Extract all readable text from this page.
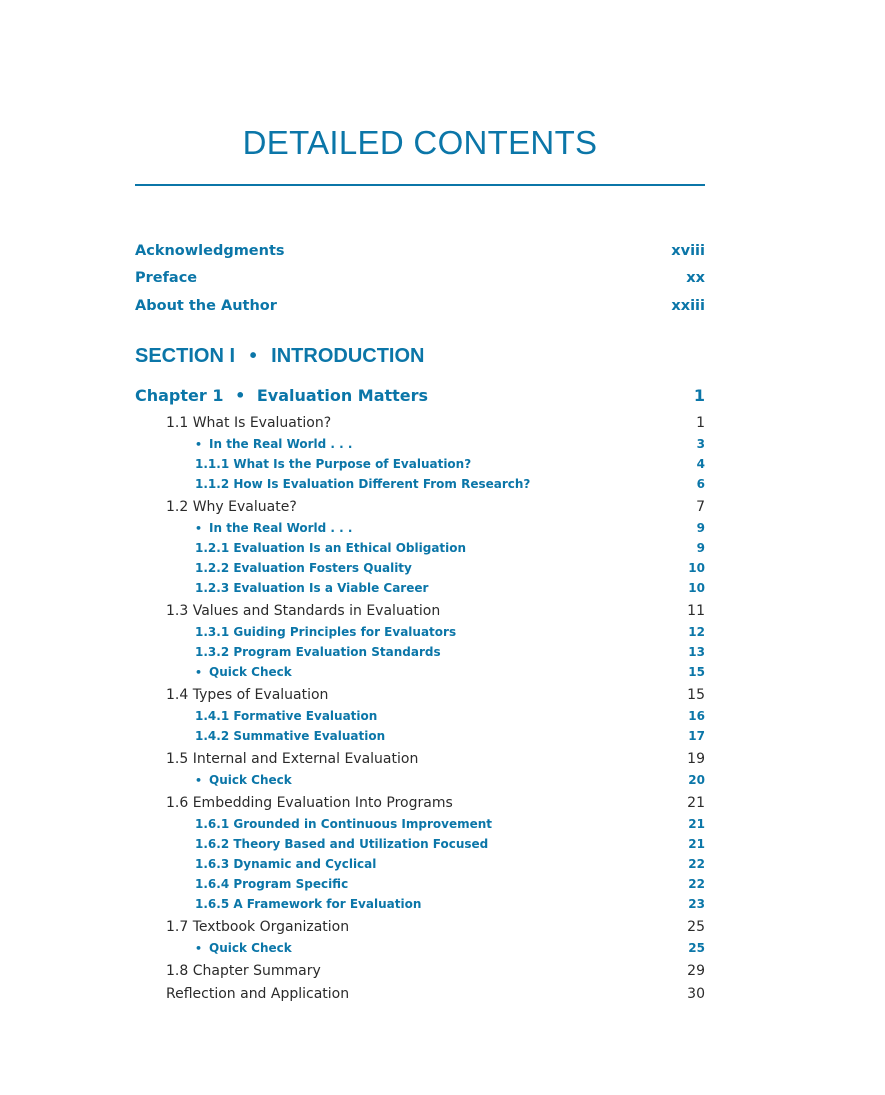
DETAILED CONTENTS
Acknowledgments	xviii
Preface	xx
About the Author	xxiii
SECTION I • INTRODUCTION
Chapter 1 • Evaluation Matters	1
1.1 What Is Evaluation?	1
• In the Real World . . .	3
1.1.1 What Is the Purpose of Evaluation?	4
1.1.2 How Is Evaluation Different From Research?	6
1.2 Why Evaluate?	7
• In the Real World . . .	9
1.2.1 Evaluation Is an Ethical Obligation	9
1.2.2 Evaluation Fosters Quality	10
1.2.3 Evaluation Is a Viable Career	10
1.3 Values and Standards in Evaluation	11
1.3.1 Guiding Principles for Evaluators	12
1.3.2 Program Evaluation Standards	13
• Quick Check	15
1.4 Types of Evaluation	15
1.4.1 Formative Evaluation	16
1.4.2 Summative Evaluation	17
1.5 Internal and External Evaluation	19
• Quick Check	20
1.6 Embedding Evaluation Into Programs	21
1.6.1 Grounded in Continuous Improvement	21
1.6.2 Theory Based and Utilization Focused	21
1.6.3 Dynamic and Cyclical	22
1.6.4 Program Specific	22
1.6.5 A Framework for Evaluation	23
1.7 Textbook Organization	25
• Quick Check	25
1.8 Chapter Summary	29
Reflection and Application	30
